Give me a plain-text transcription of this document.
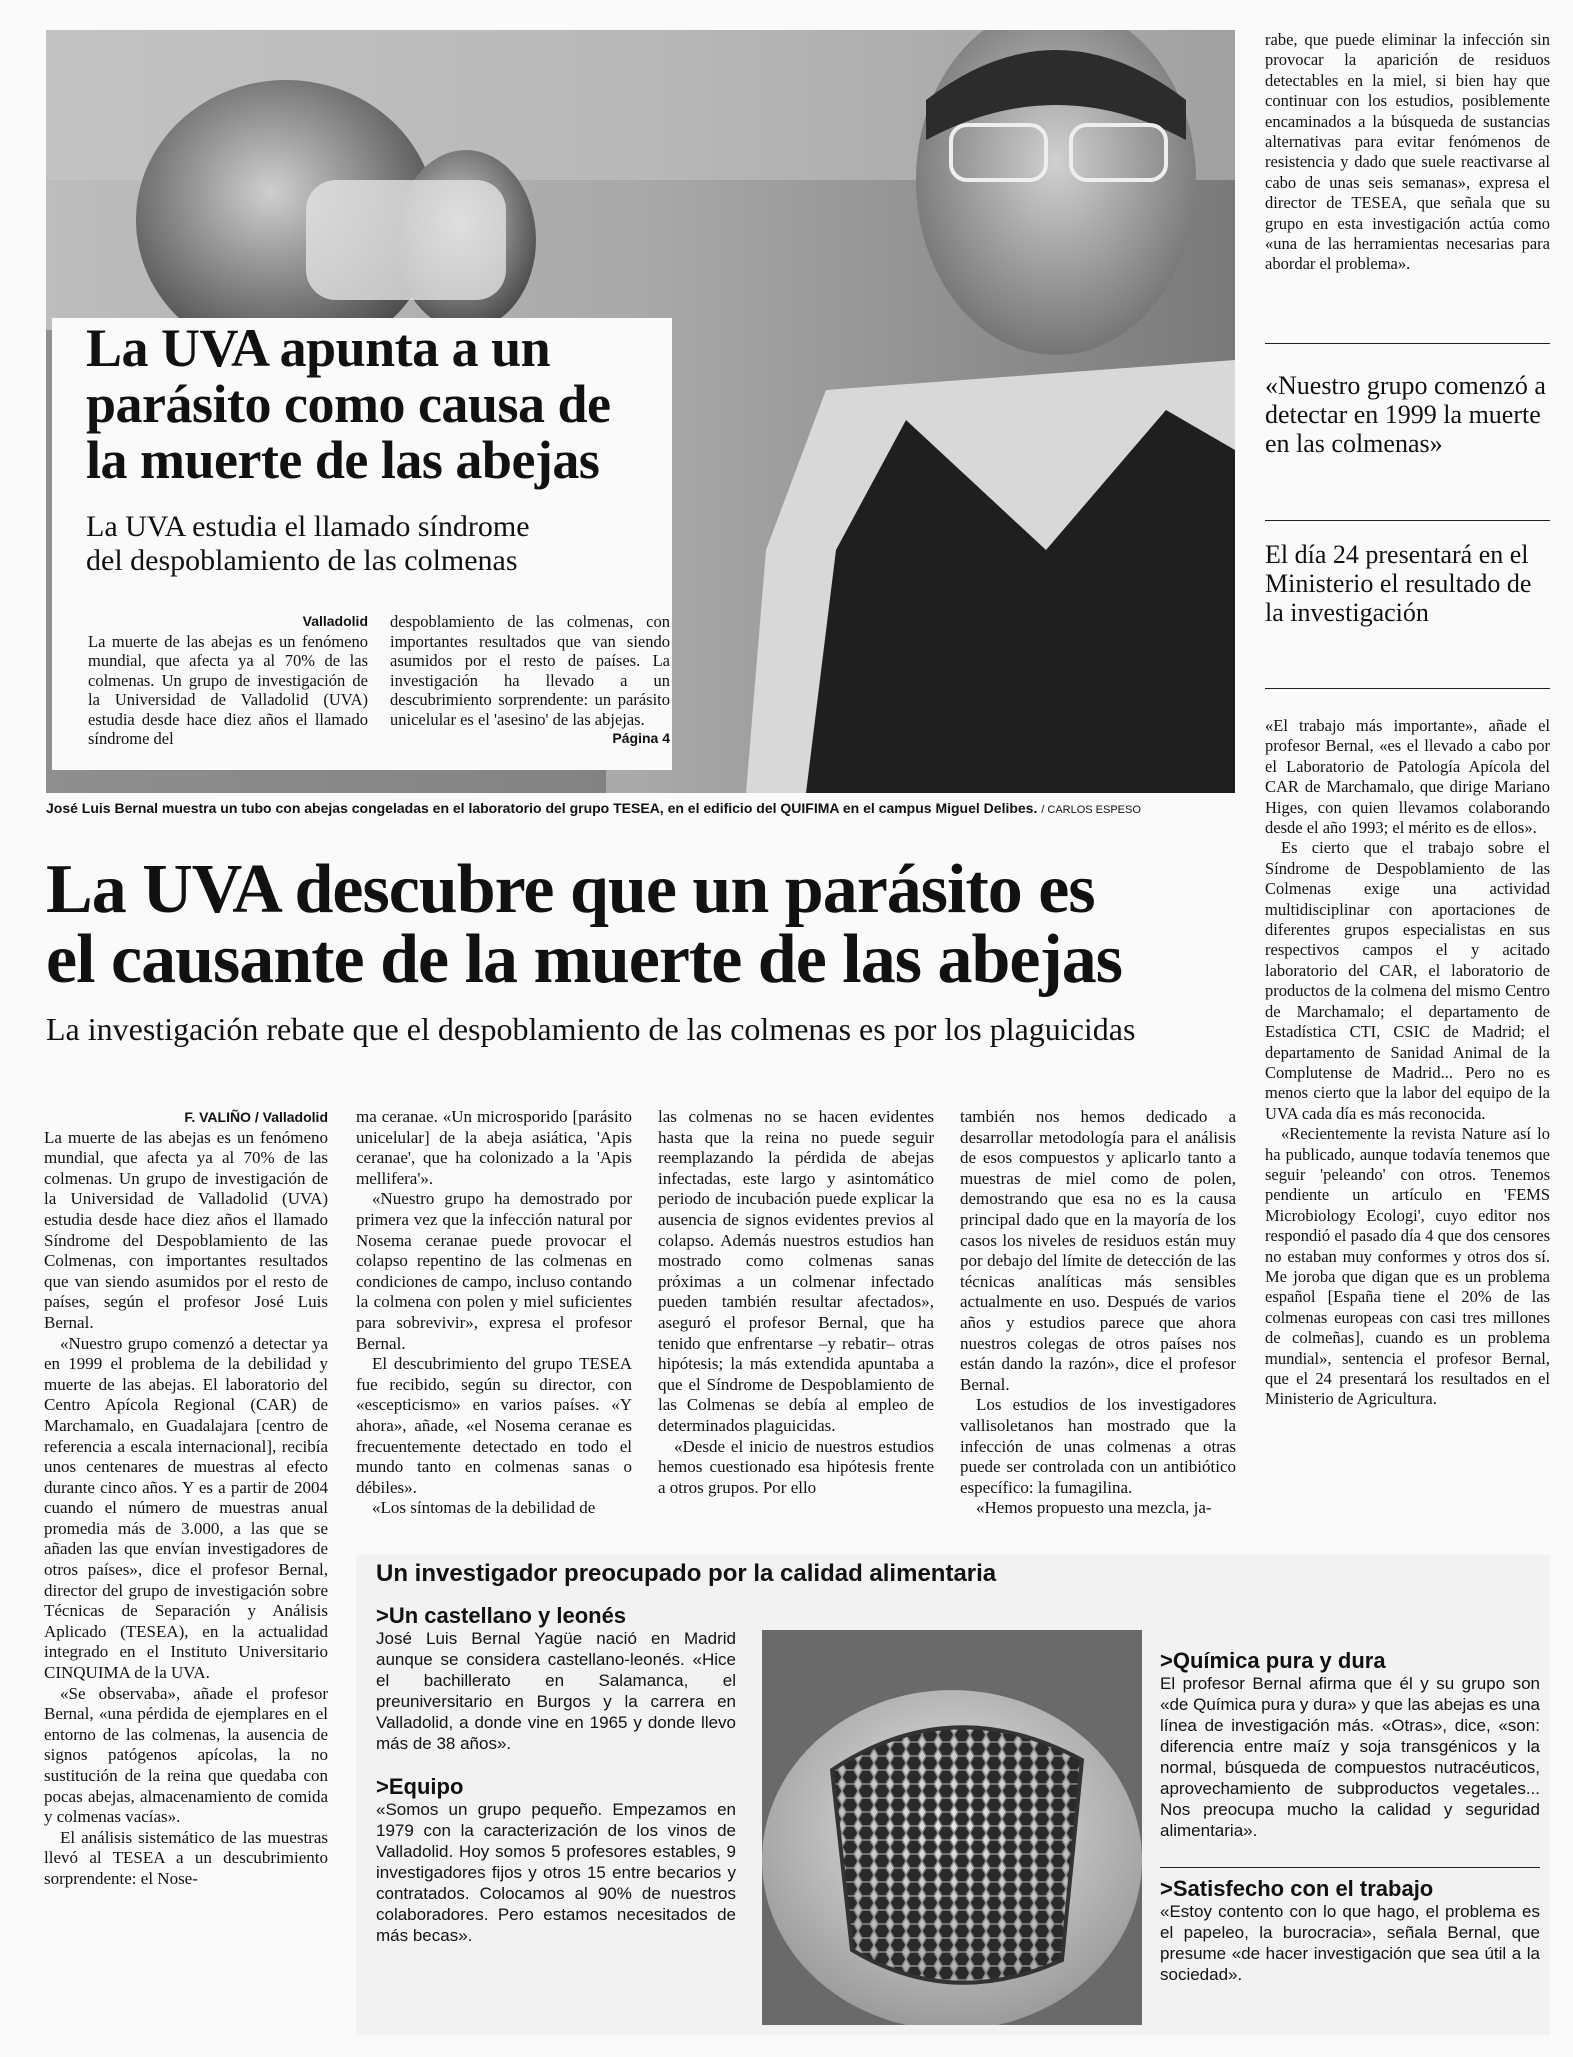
La UVA apunta a un
parásito como causa de
la muerte de las abejas
La UVA estudia el llamado síndrome
del despoblamiento de las colmenas

Valladolid

La muerte de las abejas es un fenómeno mundial, que afecta ya al 70% de las colmenas. Un grupo de investigación de la Universidad de Valladolid (UVA) estudia desde hace diez años el llamado síndrome del

despoblamiento de las colmenas, con importantes resultados que van siendo asumidos por el resto de países. La investigación ha llevado a un descubrimiento sorprendente: un parásito unicelular es el 'asesino' de las abjejas.

Página 4

José Luis Bernal muestra un tubo con abejas congeladas en el laboratorio del grupo TESEA, en el edificio del QUIFIMA en el campus Miguel Delibes. / CARLOS ESPESO

rabe, que puede eliminar la infección sin provocar la aparición de residuos detectables en la miel, si bien hay que continuar con los estudios, posiblemente encaminados a la búsqueda de sustancias alternativas para evitar fenómenos de resistencia y dado que suele reactivarse al cabo de unas seis semanas», expresa el director de TESEA, que señala que su grupo en esta investigación actúa como «una de las herramientas necesarias para abordar el problema».

«Nuestro grupo comenzó a detectar en 1999 la muerte en las colmenas»
El día 24 presentará en el Ministerio el resultado de la investigación

«El trabajo más importante», añade el profesor Bernal, «es el llevado a cabo por el Laboratorio de Patología Apícola del CAR de Marchamalo, que dirige Mariano Higes, con quien llevamos colaborando desde el año 1993; el mérito es de ellos».

Es cierto que el trabajo sobre el Síndrome de Despoblamiento de las Colmenas exige una actividad multidisciplinar con aportaciones de diferentes grupos especialistas en sus respectivos campos el y acitado laboratorio del CAR, el laboratorio de productos de la colmena del mismo Centro de Marchamalo; el departamento de Estadística CTI, CSIC de Madrid; el departamento de Sanidad Animal de la Complutense de Madrid... Pero no es menos cierto que la labor del equipo de la UVA cada día es más reconocida.

«Recientemente la revista Nature así lo ha publicado, aunque todavía tenemos que seguir 'peleando' con otros. Tenemos pendiente un artículo en 'FEMS Microbiology Ecologi', cuyo editor nos respondió el pasado día 4 que dos censores no estaban muy conformes y otros dos sí. Me joroba que digan que es un problema español [España tiene el 20% de las colmenas europeas con casi tres millones de colmeñas], cuando es un problema mundial», sentencia el profesor Bernal, que el 24 presentará los resultados en el Ministerio de Agricultura.

La UVA descubre que un parásito es
el causante de la muerte de las abejas
La investigación rebate que el despoblamiento de las colmenas es por los plaguicidas

F. VALIÑO / Valladolid

La muerte de las abejas es un fenómeno mundial, que afecta ya al 70% de las colmenas. Un grupo de investigación de la Universidad de Valladolid (UVA) estudia desde hace diez años el llamado Síndrome del Despoblamiento de las Colmenas, con importantes resultados que van siendo asumidos por el resto de países, según el profesor José Luis Bernal.

«Nuestro grupo comenzó a detectar ya en 1999 el problema de la debilidad y muerte de las abejas. El laboratorio del Centro Apícola Regional (CAR) de Marchamalo, en Guadalajara [centro de referencia a escala internacional], recibía unos centenares de muestras al efecto durante cinco años. Y es a partir de 2004 cuando el número de muestras anual promedia más de 3.000, a las que se añaden las que envían investigadores de otros países», dice el profesor Bernal, director del grupo de investigación sobre Técnicas de Separación y Análisis Aplicado (TESEA), en la actualidad integrado en el Instituto Universitario CINQUIMA de la UVA.

«Se observaba», añade el profesor Bernal, «una pérdida de ejemplares en el entorno de las colmenas, la ausencia de signos patógenos apícolas, la no sustitución de la reina que quedaba con pocas abejas, almacenamiento de comida y colmenas vacías».

El análisis sistemático de las muestras llevó al TESEA a un descubrimiento sorprendente: el Nose-

ma ceranae. «Un microsporido [parásito unicelular] de la abeja asiática, 'Apis ceranae', que ha colonizado a la 'Apis mellifera'».

«Nuestro grupo ha demostrado por primera vez que la infección natural por Nosema ceranae puede provocar el colapso repentino de las colmenas en condiciones de campo, incluso contando la colmena con polen y miel suficientes para sobrevivir», expresa el profesor Bernal.

El descubrimiento del grupo TESEA fue recibido, según su director, con «escepticismo» en varios países. «Y ahora», añade, «el Nosema ceranae es frecuentemente detectado en todo el mundo tanto en colmenas sanas o débiles».

«Los síntomas de la debilidad de

las colmenas no se hacen evidentes hasta que la reina no puede seguir reemplazando la pérdida de abejas infectadas, este largo y asintomático periodo de incubación puede explicar la ausencia de signos evidentes previos al colapso. Además nuestros estudios han mostrado como colmenas sanas próximas a un colmenar infectado pueden también resultar afectados», aseguró el profesor Bernal, que ha tenido que enfrentarse –y rebatir– otras hipótesis; la más extendida apuntaba a que el Síndrome de Despoblamiento de las Colmenas se debía al empleo de determinados plaguicidas.

«Desde el inicio de nuestros estudios hemos cuestionado esa hipótesis frente a otros grupos. Por ello

también nos hemos dedicado a desarrollar metodología para el análisis de esos compuestos y aplicarlo tanto a muestras de miel como de polen, demostrando que esa no es la causa principal dado que en la mayoría de los casos los niveles de residuos están muy por debajo del límite de detección de las técnicas analíticas más sensibles actualmente en uso. Después de varios años y estudios parece que ahora nuestros colegas de otros países nos están dando la razón», dice el profesor Bernal.

Los estudios de los investigadores vallisoletanos han mostrado que la infección de unas colmenas a otras puede ser controlada con un antibiótico específico: la fumagilina.

«Hemos propuesto una mezcla, ja-

Un investigador preocupado por la calidad alimentaria
>Un castellano y leonés

José Luis Bernal Yagüe nació en Madrid aunque se considera castellano-leonés. «Hice el bachillerato en Salamanca, el preuniversitario en Burgos y la carrera en Valladolid, a donde vine en 1965 y donde llevo más de 38 años».

>Equipo

«Somos un grupo pequeño. Empezamos en 1979 con la caracterización de los vinos de Valladolid. Hoy somos 5 profesores estables, 9 investigadores fijos y otros 15 entre becarios y contratados. Colocamos al 90% de nuestros colaboradores. Pero estamos necesitados de más becas».

>Química pura y dura

El profesor Bernal afirma que él y su grupo son «de Química pura y dura» y que las abejas es una línea de investigación más. «Otras», dice, «son: diferencia entre maíz y soja transgénicos y la normal, búsqueda de compuestos nutracéuticos, aprovechamiento de subproductos vegetales... Nos preocupa mucho la calidad y seguridad alimentaria».

>Satisfecho con el trabajo

«Estoy contento con lo que hago, el problema es el papeleo, la burocracia», señala Bernal, que presume «de hacer investigación que sea útil a la sociedad».
